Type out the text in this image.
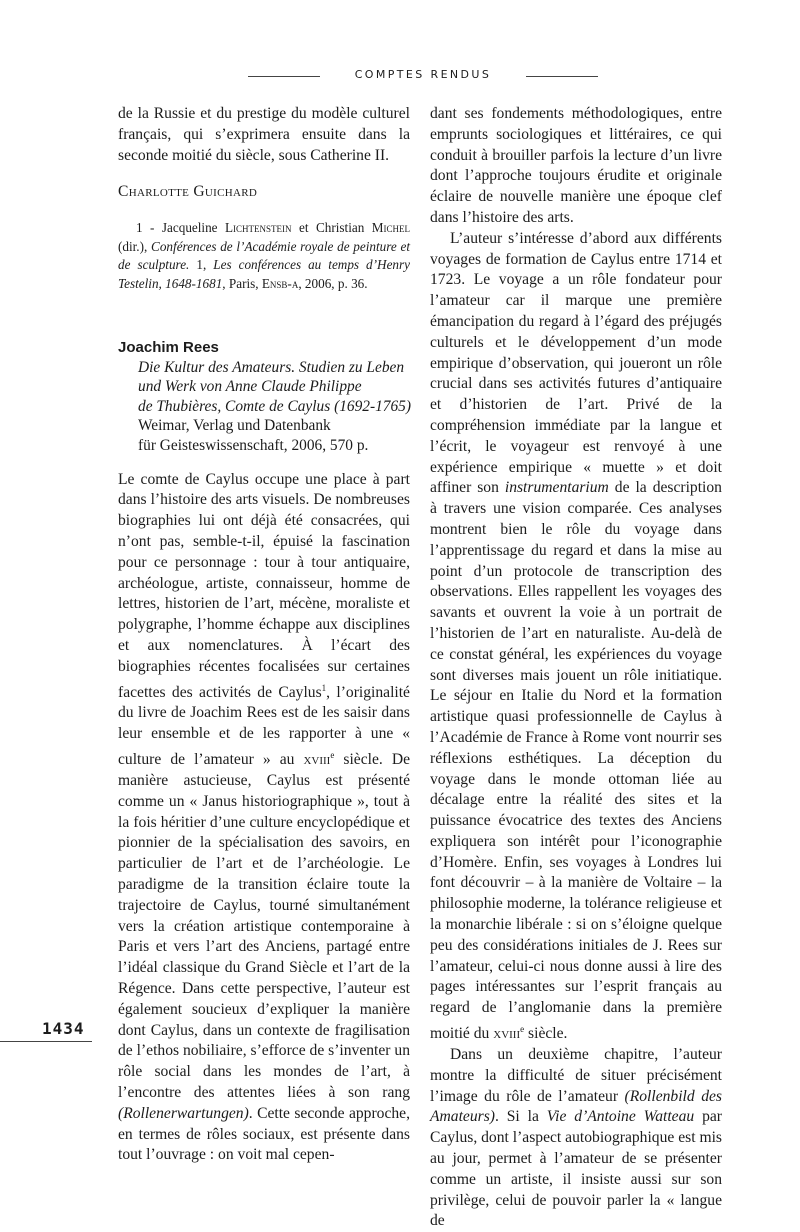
COMPTES RENDUS

de la Russie et du prestige du modèle culturel français, qui s’exprimera ensuite dans la seconde moitié du siècle, sous Catherine II.

Charlotte Guichard

1 - Jacqueline Lichtenstein et Christian Michel (dir.), Conférences de l’Académie royale de peinture et de sculpture. 1, Les conférences au temps d’Henry Testelin, 1648-1681, Paris, Ensb-a, 2006, p. 36.

Joachim Rees
Die Kultur des Amateurs. Studien zu Leben
und Werk von Anne Claude Philippe
de Thubières, Comte de Caylus (1692-1765)
Weimar, Verlag und Datenbank
für Geisteswissenschaft, 2006, 570 p.

Le comte de Caylus occupe une place à part dans l’histoire des arts visuels. De nombreuses biographies lui ont déjà été consacrées, qui n’ont pas, semble-t-il, épuisé la fascination pour ce personnage : tour à tour antiquaire, archéologue, artiste, connaisseur, homme de lettres, historien de l’art, mécène, moraliste et polygraphe, l’homme échappe aux disciplines et aux nomenclatures. À l’écart des biographies récentes focalisées sur certaines facettes des activités de Caylus$^1$, l’originalité du livre de Joachim Rees est de les saisir dans leur ensemble et de les rapporter à une « culture de l’amateur » au xviii$^e$ siècle. De manière astucieuse, Caylus est présenté comme un « Janus historiographique », tout à la fois héritier d’une culture encyclopédique et pionnier de la spécialisation des savoirs, en particulier de l’art et de l’archéologie. Le paradigme de la transition éclaire toute la trajectoire de Caylus, tourné simultanément vers la création artistique contemporaine à Paris et vers l’art des Anciens, partagé entre l’idéal classique du Grand Siècle et l’art de la Régence. Dans cette perspective, l’auteur est également soucieux d’expliquer la manière dont Caylus, dans un contexte de fragilisation de l’ethos nobiliaire, s’efforce de s’inventer un rôle social dans les mondes de l’art, à l’encontre des attentes liées à son rang (Rollenerwartungen). Cette seconde approche, en termes de rôles sociaux, est présente dans tout l’ouvrage : on voit mal cepen-

dant ses fondements méthodologiques, entre emprunts sociologiques et littéraires, ce qui conduit à brouiller parfois la lecture d’un livre dont l’approche toujours érudite et originale éclaire de nouvelle manière une époque clef dans l’histoire des arts.

L’auteur s’intéresse d’abord aux différents voyages de formation de Caylus entre 1714 et 1723. Le voyage a un rôle fondateur pour l’amateur car il marque une première émancipation du regard à l’égard des préjugés culturels et le développement d’un mode empirique d’observation, qui joueront un rôle crucial dans ses activités futures d’antiquaire et d’historien de l’art. Privé de la compréhension immédiate par la langue et l’écrit, le voyageur est renvoyé à une expérience empirique « muette » et doit affiner son instrumentarium de la description à travers une vision comparée. Ces analyses montrent bien le rôle du voyage dans l’apprentissage du regard et dans la mise au point d’un protocole de transcription des observations. Elles rappellent les voyages des savants et ouvrent la voie à un portrait de l’historien de l’art en naturaliste. Au-delà de ce constat général, les expériences du voyage sont diverses mais jouent un rôle initiatique. Le séjour en Italie du Nord et la formation artistique quasi professionnelle de Caylus à l’Académie de France à Rome vont nourrir ses réflexions esthétiques. La déception du voyage dans le monde ottoman liée au décalage entre la réalité des sites et la puissance évocatrice des textes des Anciens expliquera son intérêt pour l’iconographie d’Homère. Enfin, ses voyages à Londres lui font découvrir – à la manière de Voltaire – la philosophie moderne, la tolérance religieuse et la monarchie libérale : si on s’éloigne quelque peu des considérations initiales de J. Rees sur l’amateur, celui-ci nous donne aussi à lire des pages intéressantes sur l’esprit français au regard de l’anglomanie dans la première moitié du xviii$^e$ siècle.

Dans un deuxième chapitre, l’auteur montre la difficulté de situer précisément l’image du rôle de l’amateur (Rollenbild des Amateurs). Si la Vie d’Antoine Watteau par Caylus, dont l’aspect autobiographique est mis au jour, permet à l’amateur de se présenter comme un artiste, il insiste aussi sur son privilège, celui de pouvoir parler la « langue de

1434
